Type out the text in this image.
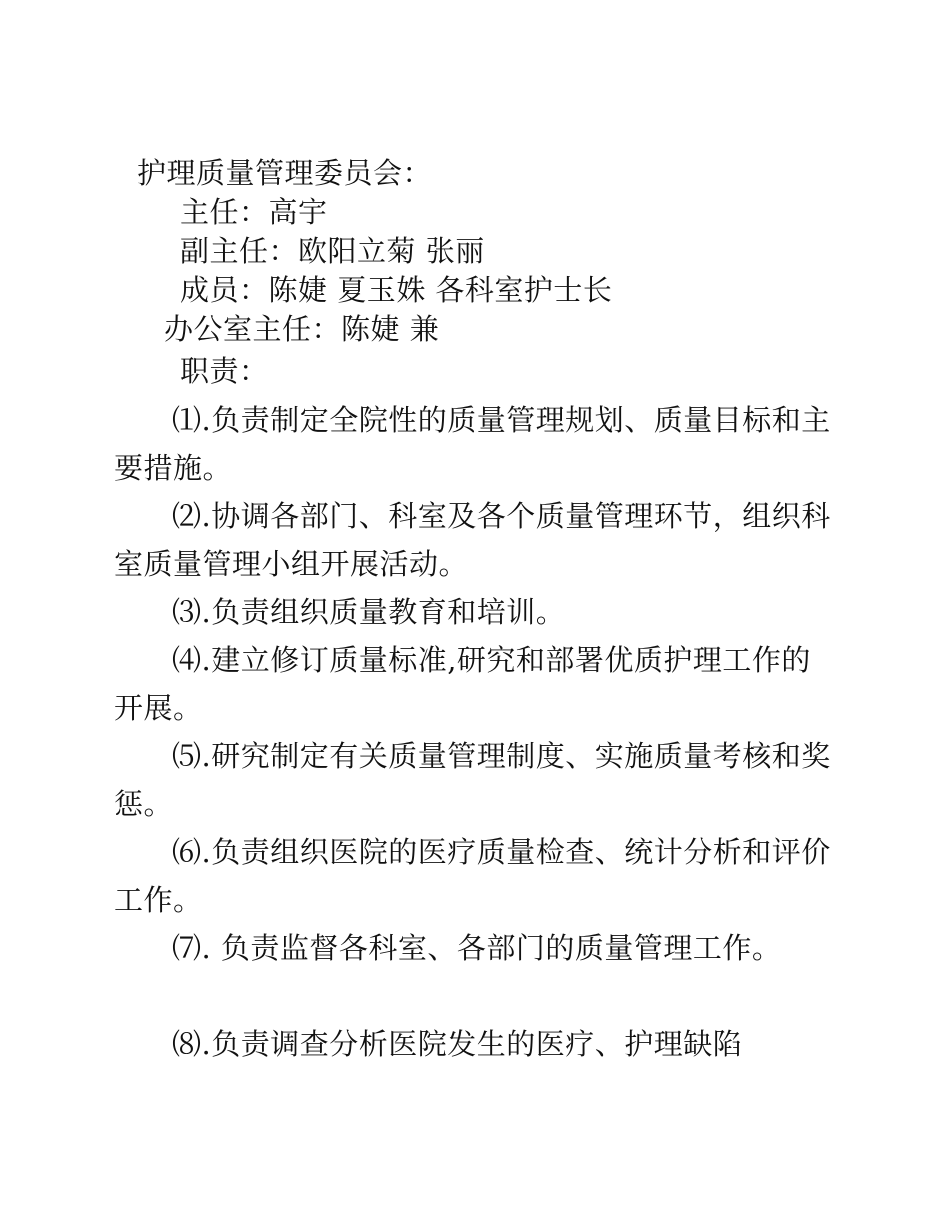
护理质量管理委员会：
主任：高宇
副主任：欧阳立菊 张丽
成员：陈婕 夏玉姝 各科室护士长
办公室主任：陈婕 兼
职责：
⑴.负责制定全院性的质量管理规划、质量目标和主要措施。
⑵.协调各部门、科室及各个质量管理环节，组织科室质量管理小组开展活动。
⑶.负责组织质量教育和培训。
⑷.建立修订质量标准,研究和部署优质护理工作的开展。
⑸.研究制定有关质量管理制度、实施质量考核和奖惩。
⑹.负责组织医院的医疗质量检查、统计分析和评价工作。
⑺. 负责监督各科室、各部门的质量管理工作。
⑻.负责调查分析医院发生的医疗、护理缺陷
